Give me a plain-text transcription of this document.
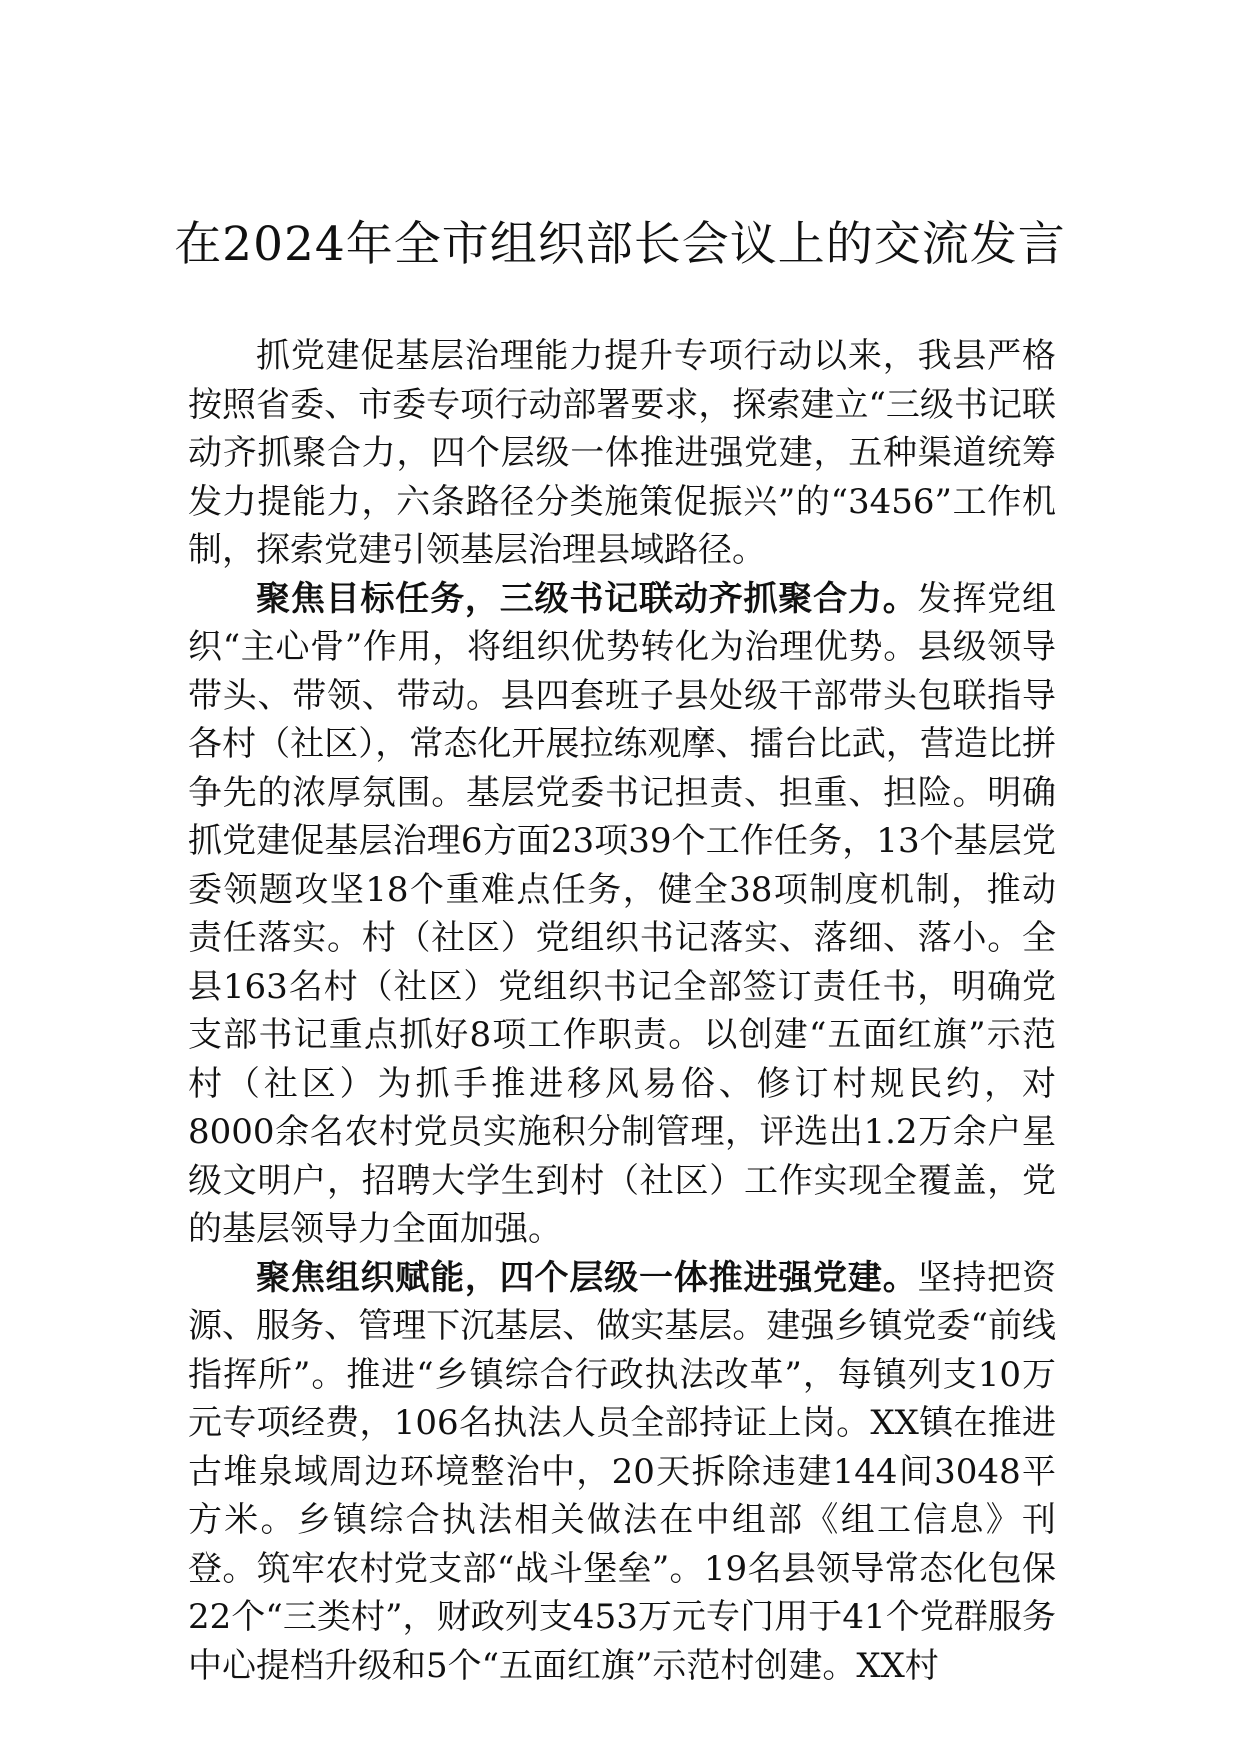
在2024年全市组织部长会议上的交流发言

抓党建促基层治理能力提升专项行动以来，我县严格按照省委、市委专项行动部署要求，探索建立“三级书记联动齐抓聚合力，四个层级一体推进强党建，五种渠道统筹发力提能力，六条路径分类施策促振兴”的“3456”工作机制，探索党建引领基层治理县域路径。

聚焦目标任务，三级书记联动齐抓聚合力。发挥党组织“主心骨”作用，将组织优势转化为治理优势。县级领导带头、带领、带动。县四套班子县处级干部带头包联指导各村（社区），常态化开展拉练观摩、擂台比武，营造比拼争先的浓厚氛围。基层党委书记担责、担重、担险。明确抓党建促基层治理6方面23项39个工作任务，13个基层党委领题攻坚18个重难点任务，健全38项制度机制，推动责任落实。村（社区）党组织书记落实、落细、落小。全县163名村（社区）党组织书记全部签订责任书，明确党支部书记重点抓好8项工作职责。以创建“五面红旗”示范村（社区）为抓手推进移风易俗、修订村规民约，对8000余名农村党员实施积分制管理，评选出1.2万余户星级文明户，招聘大学生到村（社区）工作实现全覆盖，党的基层领导力全面加强。

聚焦组织赋能，四个层级一体推进强党建。坚持把资源、服务、管理下沉基层、做实基层。建强乡镇党委“前线指挥所”。推进“乡镇综合行政执法改革”，每镇列支10万元专项经费，106名执法人员全部持证上岗。XX镇在推进古堆泉域周边环境整治中，20天拆除违建144间3048平方米。乡镇综合执法相关做法在中组部《组工信息》刊登。筑牢农村党支部“战斗堡垒”。19名县领导常态化包保22个“三类村”，财政列支453万元专门用于41个党群服务中心提档升级和5个“五面红旗”示范村创建。XX村
